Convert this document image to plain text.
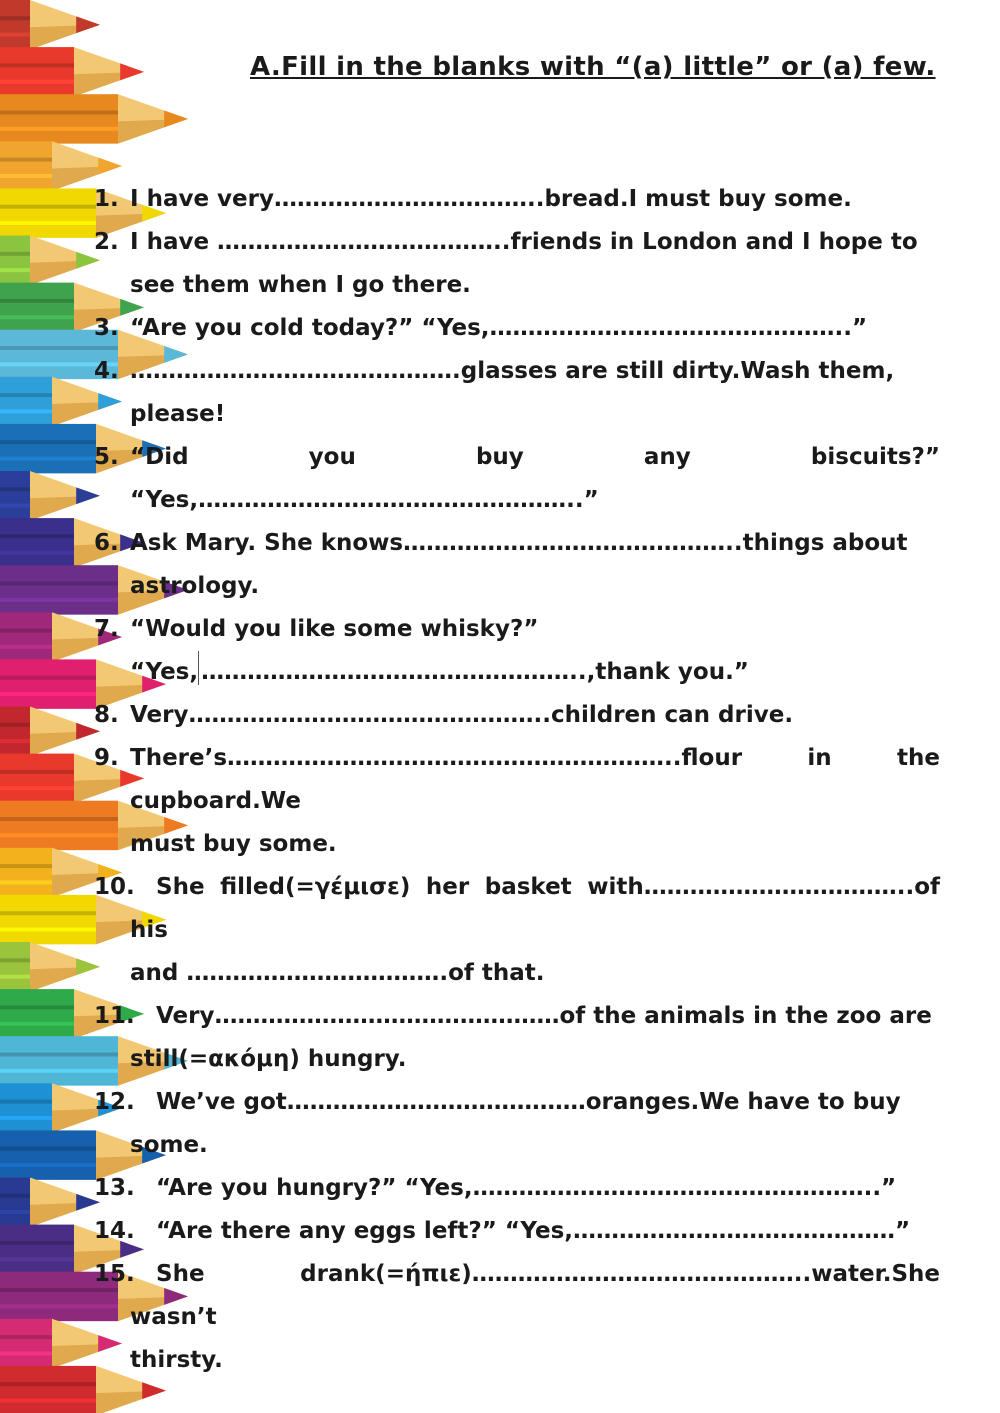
A.Fill in the blanks with “(a) little” or (a) few.
1. I have very……………………………..bread.I must buy some.
2. I have ………………………………..friends in London and I hope to
see them when I go there.
3. “Are you cold today?” “Yes,………………………………………..”
4. …………………………………….glasses are still dirty.Wash them,
please!
5. “Did you buy any biscuits?” “Yes,…………………………………………..”
6. Ask Mary. She knows……………………………………..things about
astrology.
7. “Would you like some whisky?”
“Yes, …………………………………………..,thank you.”
8. Very………………………………………..children can drive.
9. There’s…………………………………………………..flour in the cupboard.We
must buy some.
10. She filled(=γέμισε) her basket with……………………………..of his
and …………………………….of that.
11. Very………………………………………of the animals in the zoo are
still(=ακόμη) hungry.
12. We’ve got…………………………………oranges.We have to buy
some.
13. “Are you hungry?” “Yes,……………………………………………..”
14. “Are there any eggs left?” “Yes,……………………………………”
15. She drank(=ήπιε)……………………………………..water.She wasn’t
thirsty.
